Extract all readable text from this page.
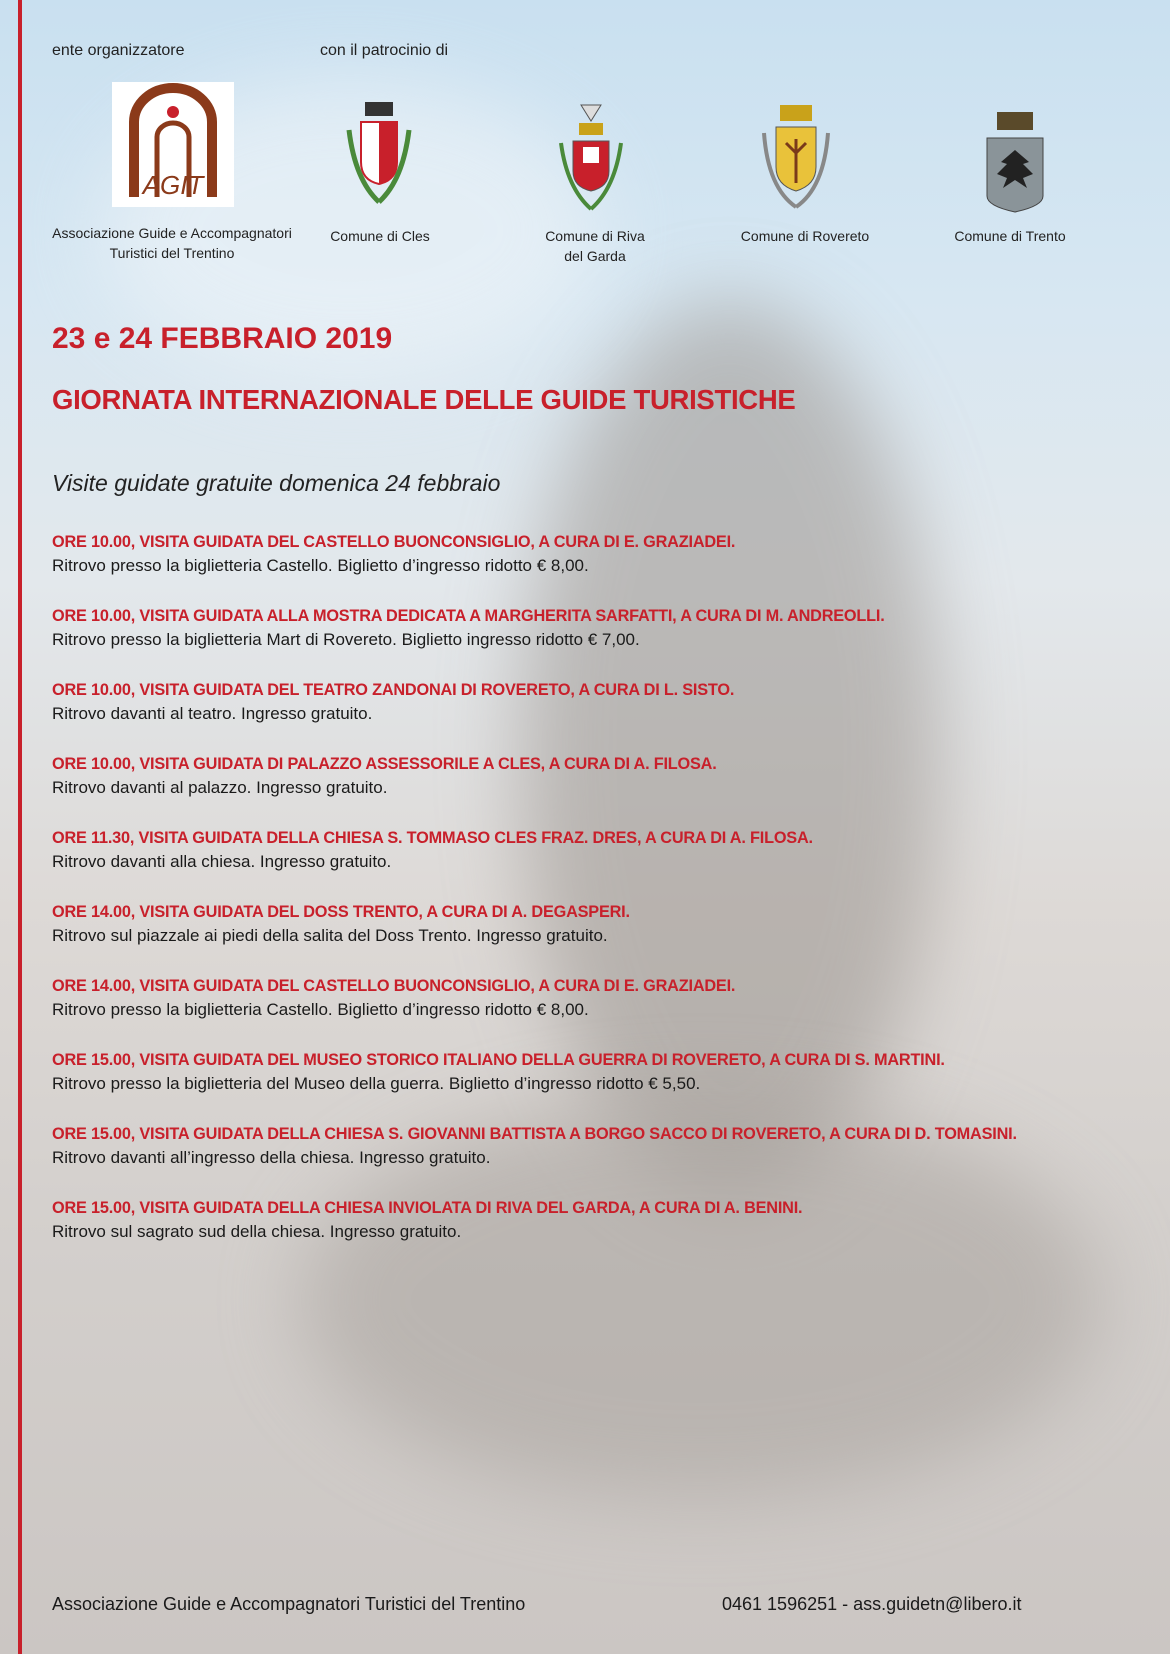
ente organizzatore	con il patrocinio di
AGIT
Associazione Guide e Accompagnatori
Turistici del Trentino
Comune di Cles	Comune di Riva
del Garda
Comune di Rovereto	Comune di Trento
23 e 24 FEBBRAIO 2019
GIORNATA INTERNAZIONALE DELLE GUIDE TURISTICHE
Visite guidate gratuite domenica 24 febbraio
ORE 10.00, VISITA GUIDATA DEL CASTELLO BUONCONSIGLIO, A CURA DI E. GRAZIADEI.
Ritrovo presso la biglietteria Castello. Biglietto d’ingresso ridotto € 8,00.
ORE 10.00, VISITA GUIDATA ALLA MOSTRA DEDICATA A MARGHERITA SARFATTI, A CURA DI M. ANDREOLLI.
Ritrovo presso la biglietteria Mart di Rovereto. Biglietto ingresso ridotto € 7,00.
ORE 10.00, VISITA GUIDATA DEL TEATRO ZANDONAI DI ROVERETO, A CURA DI L. SISTO.
Ritrovo davanti al teatro. Ingresso gratuito.
ORE 10.00, VISITA GUIDATA DI PALAZZO ASSESSORILE A CLES, A CURA DI A. FILOSA.
Ritrovo davanti al palazzo. Ingresso gratuito.
ORE 11.30, VISITA GUIDATA DELLA CHIESA S. TOMMASO CLES FRAZ. DRES, A CURA DI A. FILOSA.
Ritrovo davanti alla chiesa. Ingresso gratuito.
ORE 14.00, VISITA GUIDATA DEL DOSS TRENTO, A CURA DI A. DEGASPERI.
Ritrovo sul piazzale ai piedi della salita del Doss Trento. Ingresso gratuito.
ORE 14.00, VISITA GUIDATA DEL CASTELLO BUONCONSIGLIO, A CURA DI E. GRAZIADEI.
Ritrovo presso la biglietteria Castello. Biglietto d’ingresso ridotto € 8,00.
ORE 15.00, VISITA GUIDATA DEL MUSEO STORICO ITALIANO DELLA GUERRA DI ROVERETO, A CURA DI S. MARTINI.
Ritrovo presso la biglietteria del Museo della guerra. Biglietto d’ingresso ridotto € 5,50.
ORE 15.00, VISITA GUIDATA DELLA CHIESA S. GIOVANNI BATTISTA A BORGO SACCO DI ROVERETO, A CURA DI D. TOMASINI.
Ritrovo davanti all’ingresso della chiesa. Ingresso gratuito.
ORE 15.00, VISITA GUIDATA DELLA CHIESA INVIOLATA DI RIVA DEL GARDA, A CURA DI A. BENINI.
Ritrovo sul sagrato sud della chiesa. Ingresso gratuito.
Associazione Guide e Accompagnatori Turistici del Trentino	0461 1596251 - ass.guidetn@libero.it
